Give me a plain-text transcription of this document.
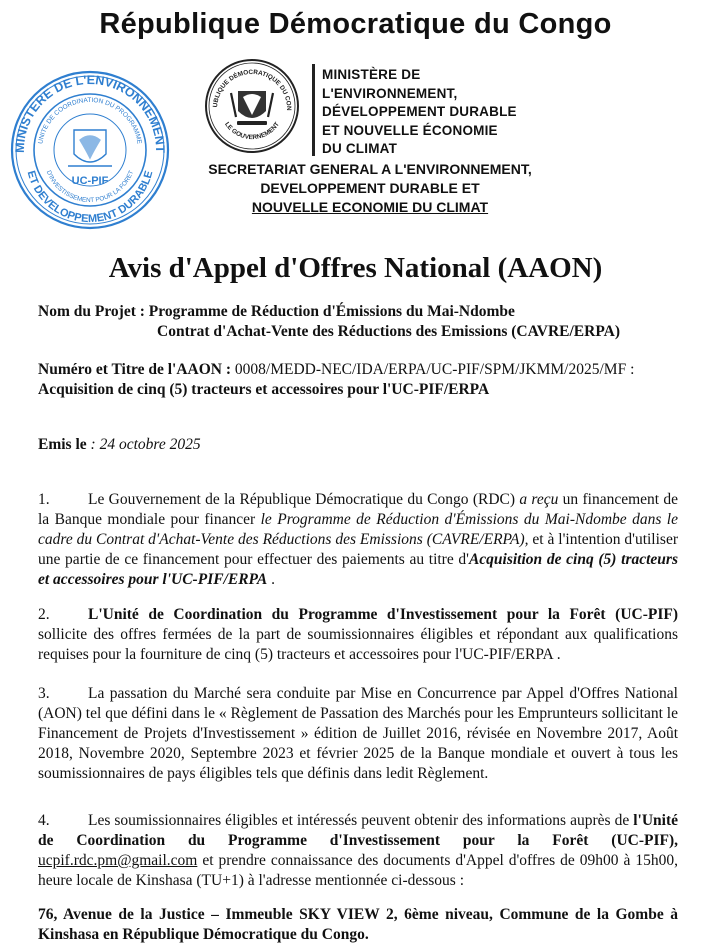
République Démocratique du Congo
MINISTERE DE L'ENVIRONNEMENT
ET DEVELOPPEMENT DURABLE
UNITE DE COORDINATION DU PROGRAMME
D'INVESTISSEMENT POUR LA FORET
UC-PIF
UBLIQUE DÉMOCRATIQUE DU CON
LE GOUVERNEMENT
MINISTÈRE DE
L'ENVIRONNEMENT,
DÉVELOPPEMENT DURABLE
ET NOUVELLE ÉCONOMIE
DU CLIMAT
SECRETARIAT GENERAL A L'ENVIRONNEMENT,
DEVELOPPEMENT DURABLE ET
NOUVELLE ECONOMIE DU CLIMAT
Avis d'Appel d'Offres National (AAON)
Nom du Projet : Programme de Réduction d'Émissions du Mai-Ndombe
Contrat d'Achat-Vente des Réductions des Emissions (CAVRE/ERPA)
Numéro et Titre de l'AAON : 0008/MEDD-NEC/IDA/ERPA/UC-PIF/SPM/JKMM/2025/MF : Acquisition de cinq (5) tracteurs et accessoires pour l'UC-PIF/ERPA
Emis le : 24 octobre 2025
1. Le Gouvernement de la République Démocratique du Congo (RDC) a reçu un financement de la Banque mondiale pour financer le Programme de Réduction d'Émissions du Mai-Ndombe dans le cadre du Contrat d'Achat-Vente des Réductions des Emissions (CAVRE/ERPA), et à l'intention d'utiliser une partie de ce financement pour effectuer des paiements au titre d'Acquisition de cinq (5) tracteurs et accessoires pour l'UC-PIF/ERPA .
2. L'Unité de Coordination du Programme d'Investissement pour la Forêt (UC-PIF) sollicite des offres fermées de la part de soumissionnaires éligibles et répondant aux qualifications requises pour la fourniture de cinq (5) tracteurs et accessoires pour l'UC-PIF/ERPA .
3. La passation du Marché sera conduite par Mise en Concurrence par Appel d'Offres National (AON) tel que défini dans le « Règlement de Passation des Marchés pour les Emprunteurs sollicitant le Financement de Projets d'Investissement » édition de Juillet 2016, révisée en Novembre 2017, Août 2018, Novembre 2020, Septembre 2023 et février 2025 de la Banque mondiale et ouvert à tous les soumissionnaires de pays éligibles tels que définis dans ledit Règlement.
4. Les soumissionnaires éligibles et intéressés peuvent obtenir des informations auprès de l'Unité de Coordination du Programme d'Investissement pour la Forêt (UC-PIF), ucpif.rdc.pm@gmail.com et prendre connaissance des documents d'Appel d'offres de 09h00 à 15h00, heure locale de Kinshasa (TU+1) à l'adresse mentionnée ci-dessous :
76, Avenue de la Justice – Immeuble SKY VIEW 2, 6ème niveau, Commune de la Gombe à Kinshasa en République Démocratique du Congo.
